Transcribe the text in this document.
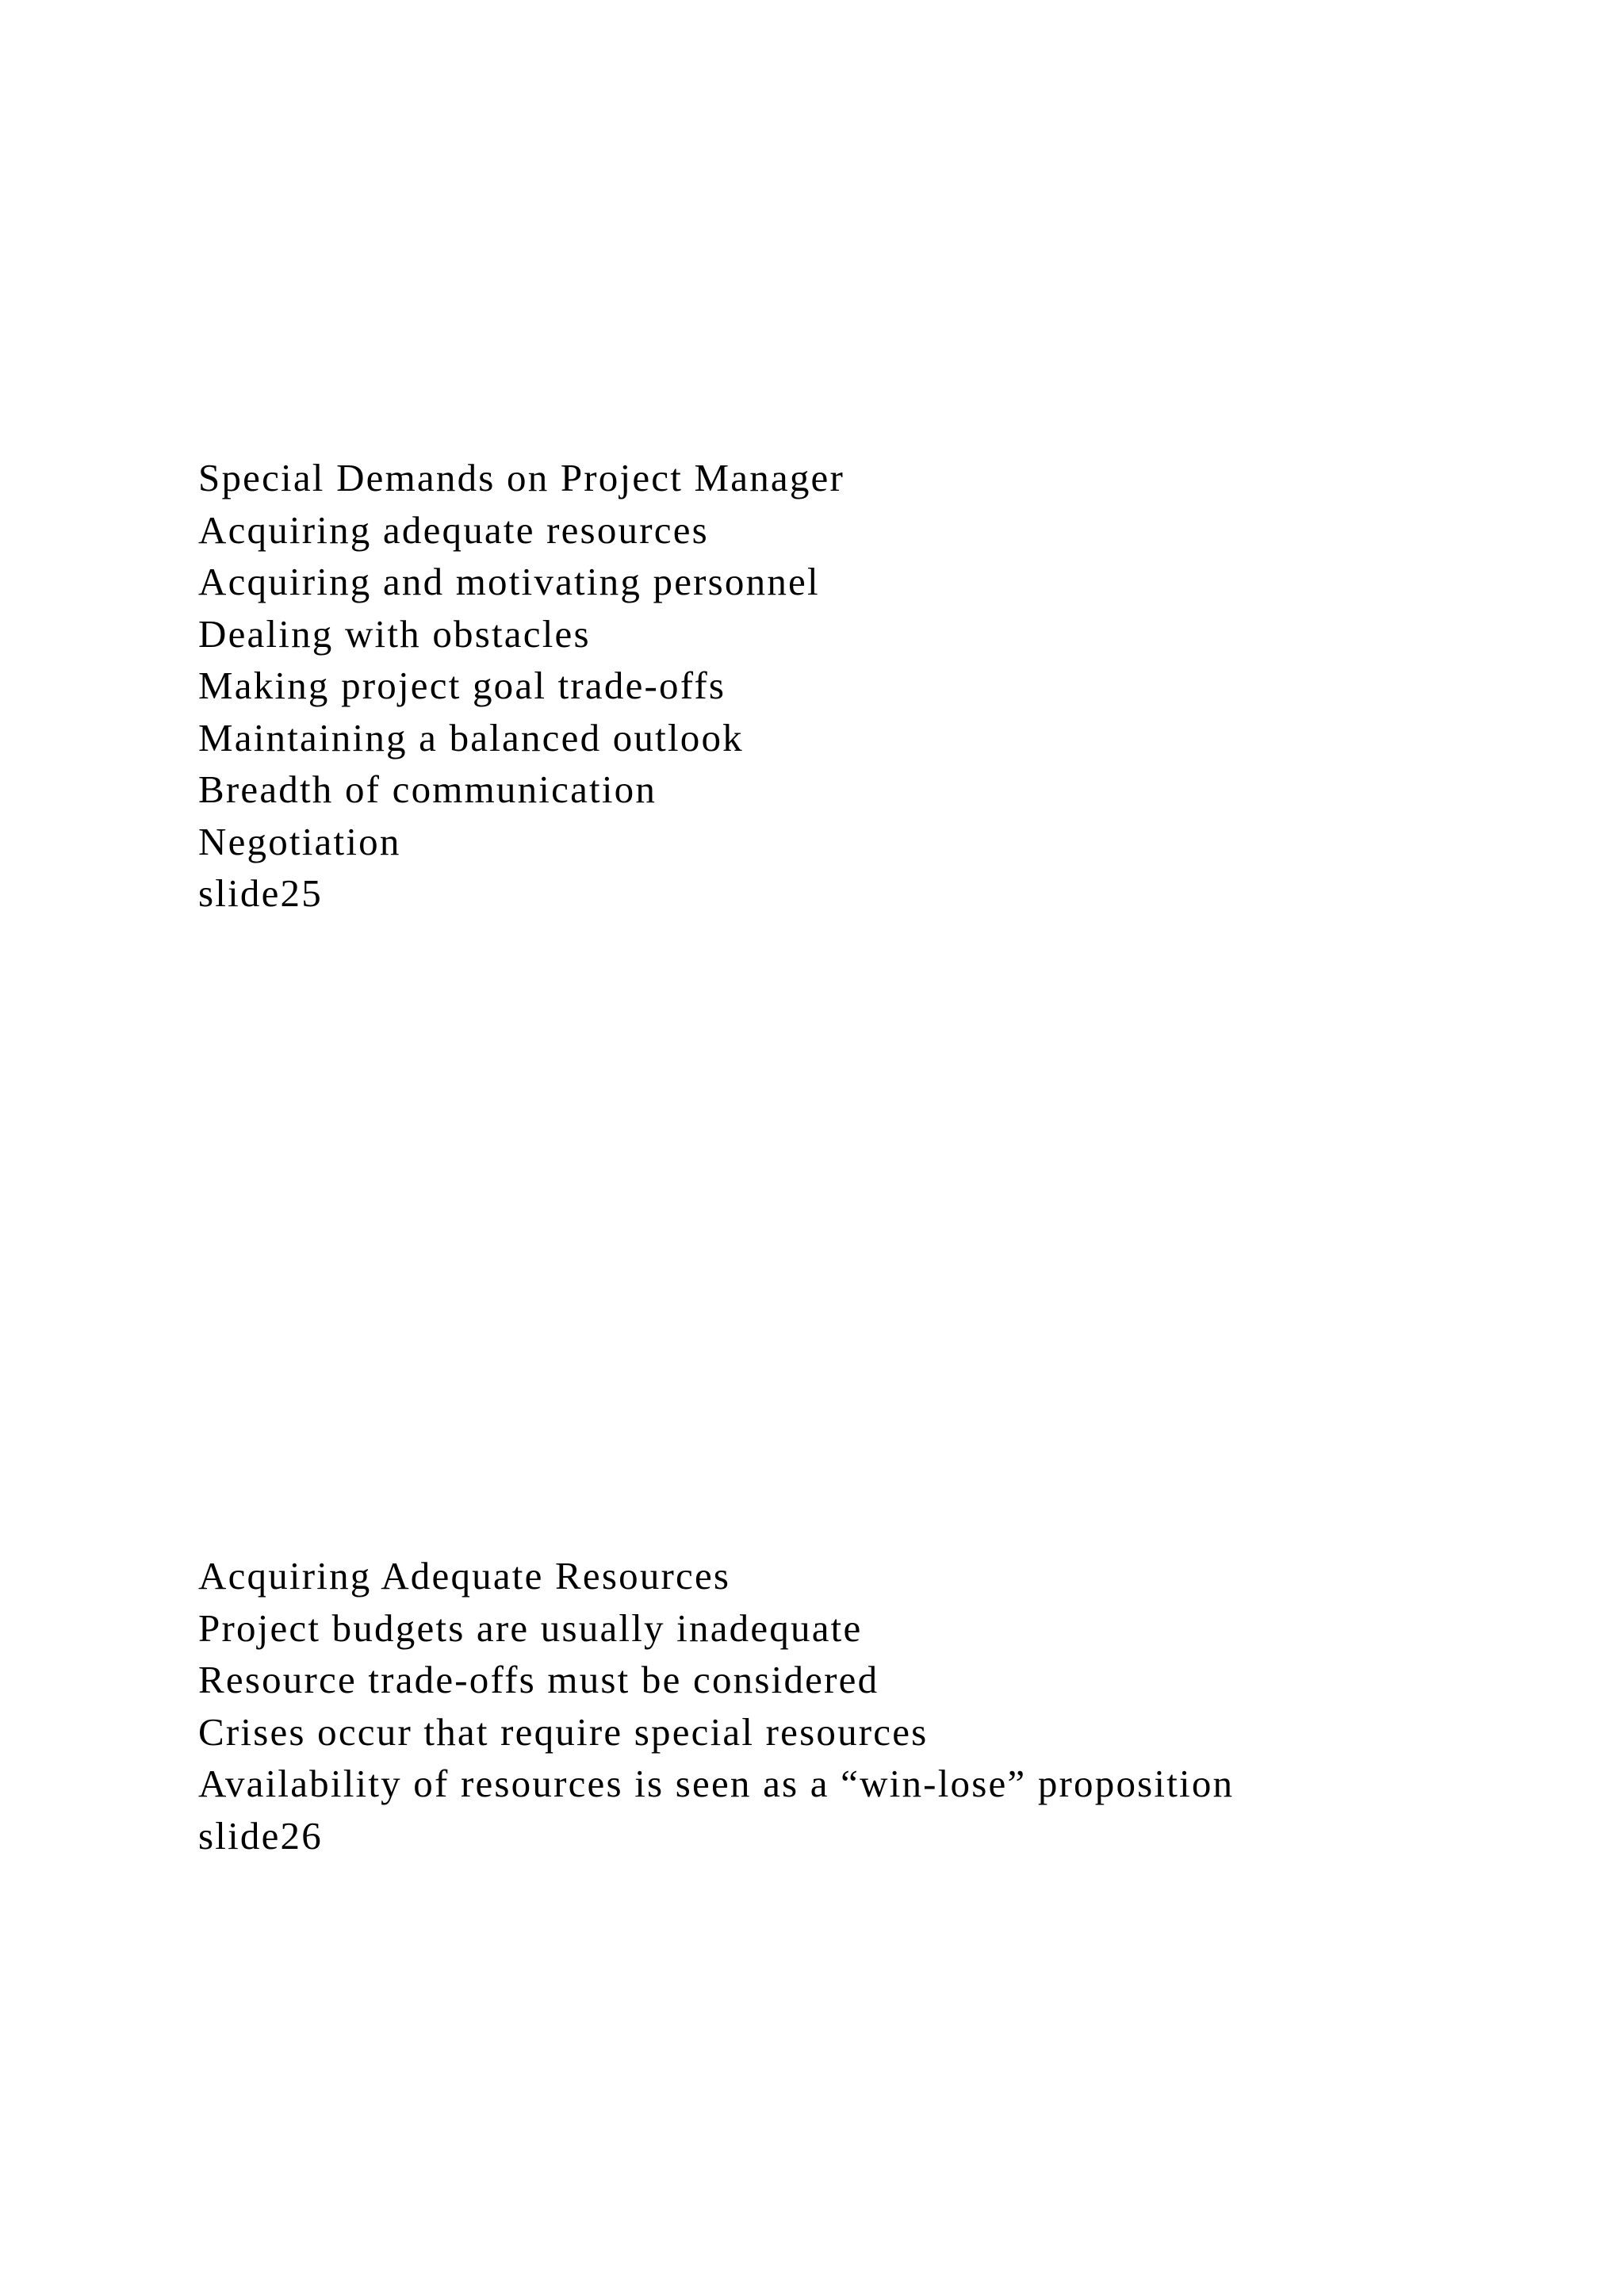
Special Demands on Project Manager
Acquiring adequate resources
Acquiring and motivating personnel
Dealing with obstacles
Making project goal trade-offs
Maintaining a balanced outlook
Breadth of communication
Negotiation
slide25
Acquiring Adequate Resources
Project budgets are usually inadequate
Resource trade-offs must be considered
Crises occur that require special resources
Availability of resources is seen as a “win-lose” proposition
slide26
